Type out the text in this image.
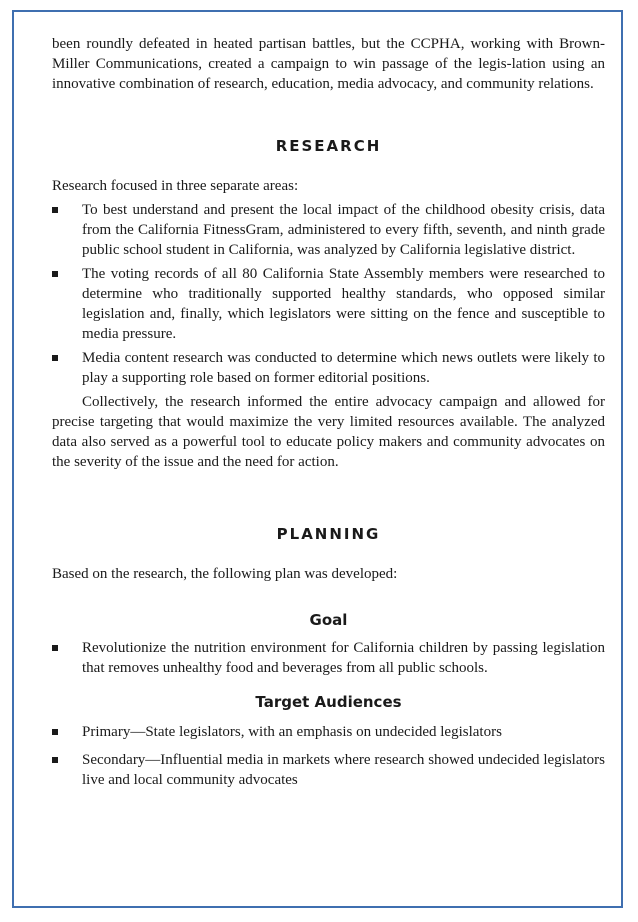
been roundly defeated in heated partisan battles, but the CCPHA, working with Brown-Miller Communications, created a campaign to win passage of the legis-lation using an innovative combination of research, education, media advocacy, and community relations.

RESEARCH

Research focused in three separate areas:

To best understand and present the local impact of the childhood obesity crisis, data from the California FitnessGram, administered to every fifth, seventh, and ninth grade public school student in California, was analyzed by California legislative district.
The voting records of all 80 California State Assembly members were researched to determine who traditionally supported healthy standards, who opposed similar legislation and, finally, which legislators were sitting on the fence and susceptible to media pressure.
Media content research was conducted to determine which news outlets were likely to play a supporting role based on former editorial positions.

Collectively, the research informed the entire advocacy campaign and allowed for precise targeting that would maximize the very limited resources available. The analyzed data also served as a powerful tool to educate policy makers and community advocates on the severity of the issue and the need for action.

PLANNING

Based on the research, the following plan was developed:

Goal
Revolutionize the nutrition environment for California children by passing legislation that removes unhealthy food and beverages from all public schools.
Target Audiences
Primary—State legislators, with an emphasis on undecided legislators
Secondary—Influential media in markets where research showed undecided legislators live and local community advocates
